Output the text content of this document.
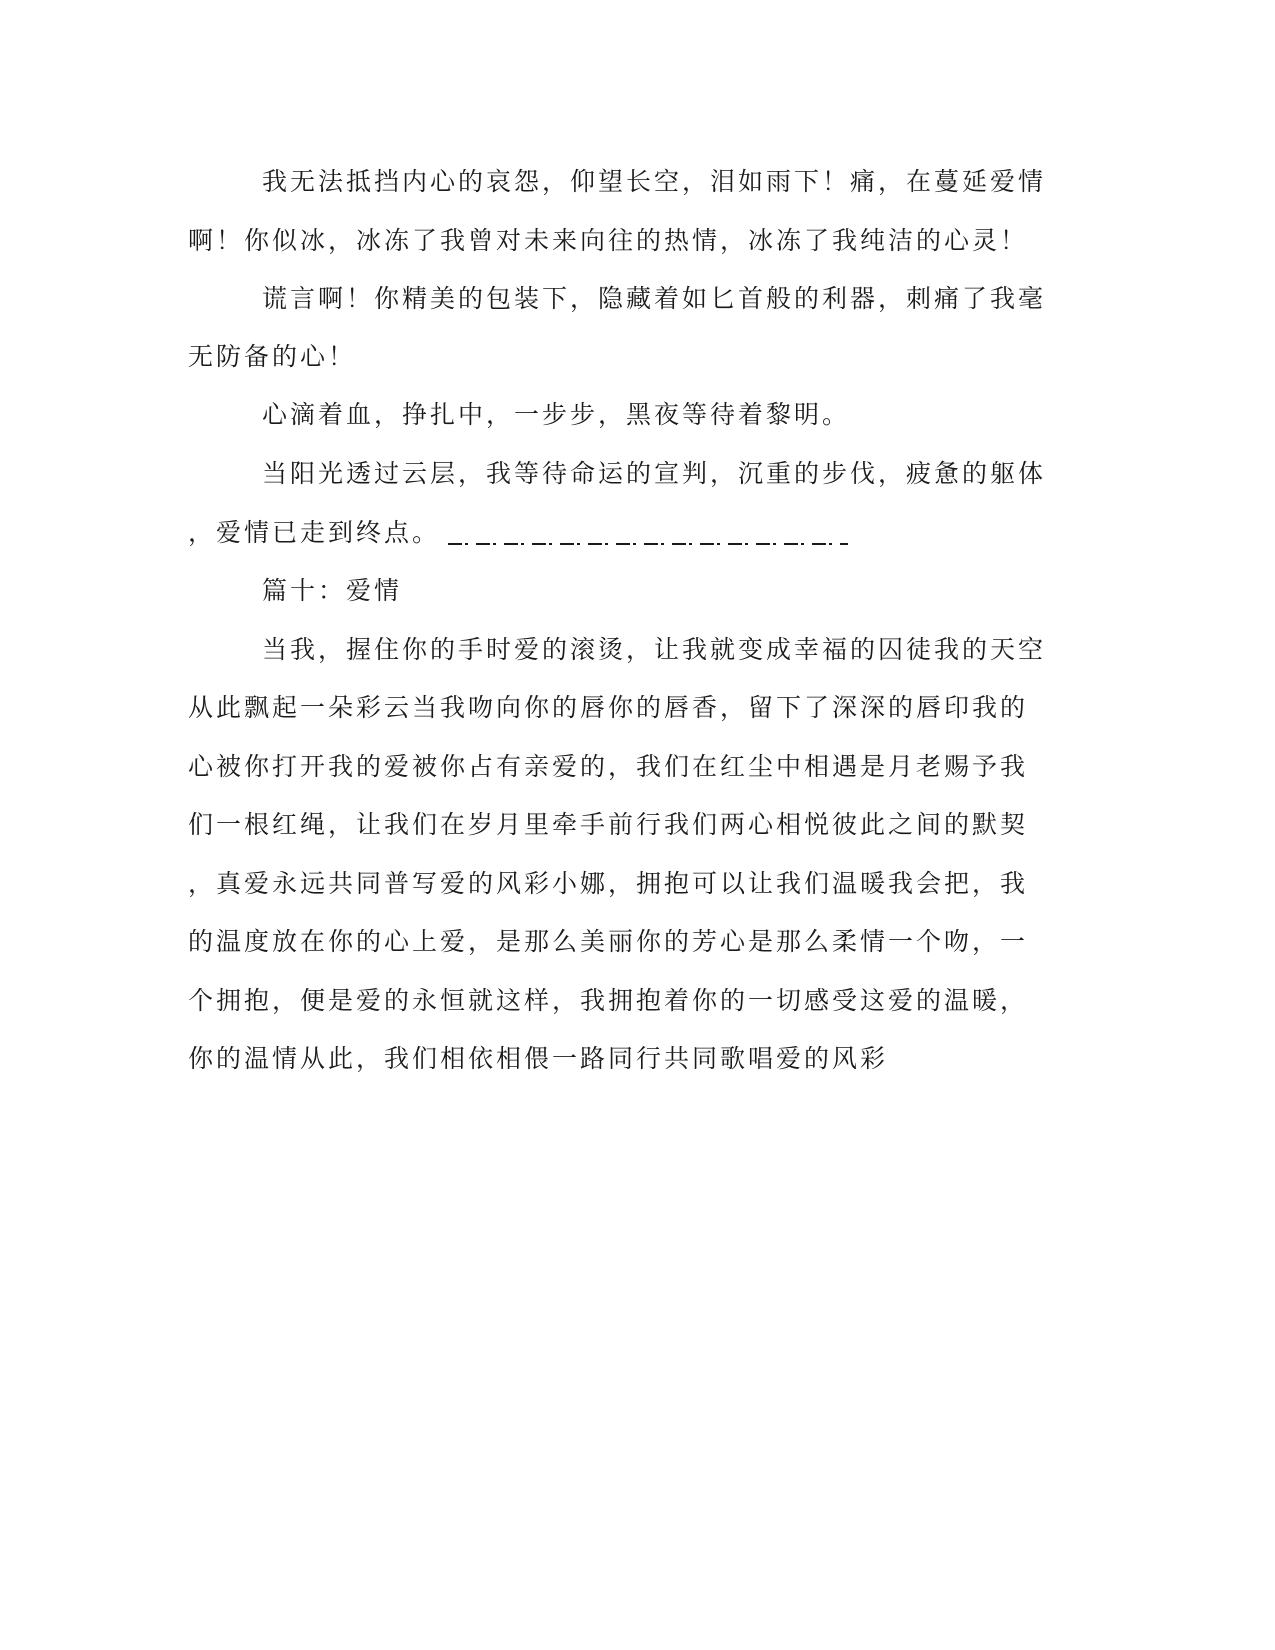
我无法抵挡内心的哀怨，仰望长空，泪如雨下！痛，在蔓延爱情
啊！你似冰，冰冻了我曾对未来向往的热情，冰冻了我纯洁的心灵！
谎言啊！你精美的包装下，隐藏着如匕首般的利器，刺痛了我毫
无防备的心！
心滴着血，挣扎中，一步步，黑夜等待着黎明。
当阳光透过云层，我等待命运的宣判，沉重的步伐，疲惫的躯体
，爱情已走到终点。
篇十：爱情
当我，握住你的手时爱的滚烫，让我就变成幸福的囚徒我的天空
从此飘起一朵彩云当我吻向你的唇你的唇香，留下了深深的唇印我的
心被你打开我的爱被你占有亲爱的，我们在红尘中相遇是月老赐予我
们一根红绳，让我们在岁月里牵手前行我们两心相悦彼此之间的默契
，真爱永远共同普写爱的风彩小娜，拥抱可以让我们温暖我会把，我
的温度放在你的心上爱，是那么美丽你的芳心是那么柔情一个吻，一
个拥抱，便是爱的永恒就这样，我拥抱着你的一切感受这爱的温暖，
你的温情从此，我们相依相偎一路同行共同歌唱爱的风彩
